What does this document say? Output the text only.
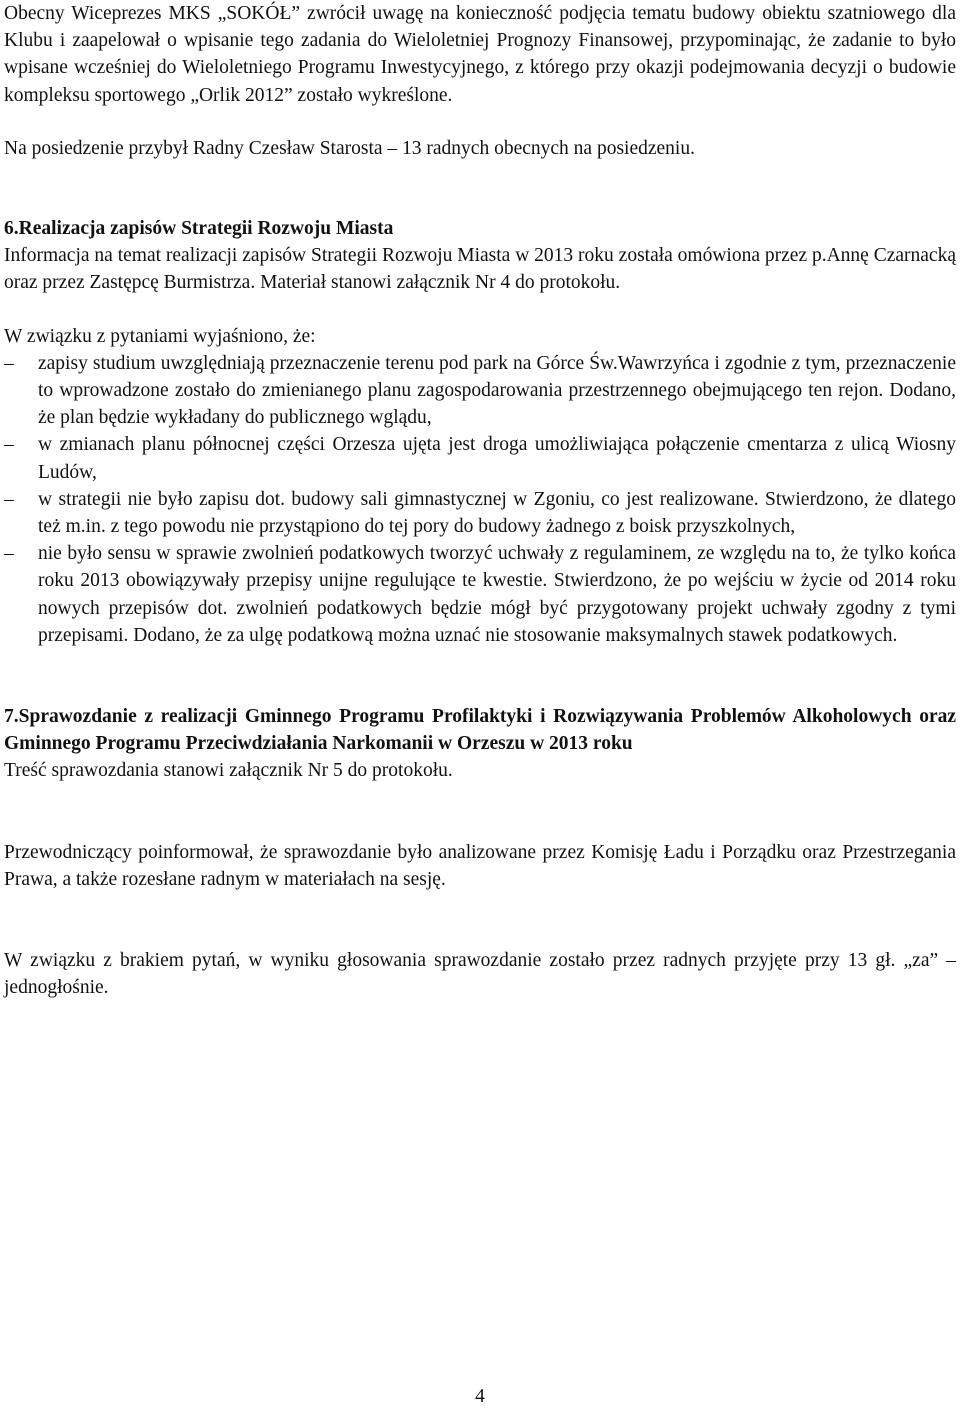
Obecny Wiceprezes MKS „SOKÓŁ” zwrócił uwagę na konieczność podjęcia tematu budowy obiektu szatniowego dla Klubu i zaapelował o wpisanie tego zadania do Wieloletniej Prognozy Finansowej, przypominając, że zadanie to było wpisane wcześniej do Wieloletniego Programu Inwestycyjnego, z którego przy okazji podejmowania decyzji o budowie kompleksu sportowego „Orlik 2012” zostało wykreślone.

Na posiedzenie przybył Radny Czesław Starosta – 13 radnych obecnych na posiedzeniu.

6.Realizacja zapisów Strategii Rozwoju Miasta

Informacja na temat realizacji zapisów Strategii Rozwoju Miasta w 2013 roku została omówiona przez p.Annę Czarnacką oraz przez Zastępcę Burmistrza. Materiał stanowi załącznik Nr 4 do protokołu.

W związku z pytaniami wyjaśniono, że:

– zapisy studium uwzględniają przeznaczenie terenu pod park na Górce Św.Wawrzyńca i zgodnie z tym, przeznaczenie to wprowadzone zostało do zmienianego planu zagospodarowania przestrzennego obejmującego ten rejon. Dodano, że plan będzie wykładany do publicznego wglądu,
– w zmianach planu północnej części Orzesza ujęta jest droga umożliwiająca połączenie cmentarza z ulicą Wiosny Ludów,
– w strategii nie było zapisu dot. budowy sali gimnastycznej w Zgoniu, co jest realizowane. Stwierdzono, że dlatego też m.in. z tego powodu nie przystąpiono do tej pory do budowy żadnego z boisk przyszkolnych,
– nie było sensu w sprawie zwolnień podatkowych tworzyć uchwały z regulaminem, ze względu na to, że tylko końca roku 2013 obowiązywały przepisy unijne regulujące te kwestie. Stwierdzono, że po wejściu w życie od 2014 roku nowych przepisów dot. zwolnień podatkowych będzie mógł być przygotowany projekt uchwały zgodny z tymi przepisami. Dodano, że za ulgę podatkową można uznać nie stosowanie maksymalnych stawek podatkowych.

7.Sprawozdanie z realizacji Gminnego Programu Profilaktyki i Rozwiązywania Problemów Alkoholowych oraz Gminnego Programu Przeciwdziałania Narkomanii w Orzeszu w 2013 roku

Treść sprawozdania stanowi załącznik Nr 5 do protokołu.

Przewodniczący poinformował, że sprawozdanie było analizowane przez Komisję Ładu i Porządku oraz Przestrzegania Prawa, a także rozesłane radnym w materiałach na sesję.

W związku z brakiem pytań, w wyniku głosowania sprawozdanie zostało przez radnych przyjęte przy 13 gł. „za” – jednogłośnie.

4
